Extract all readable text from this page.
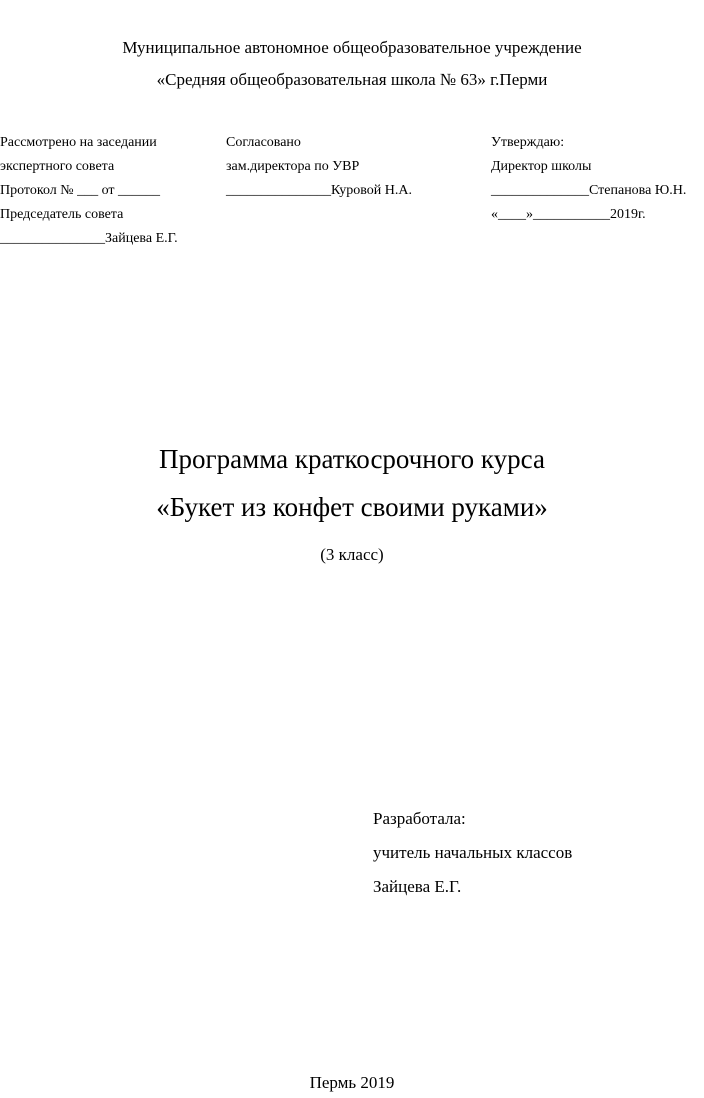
Муниципальное автономное общеобразовательное учреждение
«Средняя общеобразовательная школа № 63» г.Перми
Рассмотрено на заседании
экспертного совета
Протокол № ___ от ______
Председатель совета
_______________Зайцева Е.Г.
Согласовано
зам.директора по УВР
_______________Куровой Н.А.
Утверждаю:
Директор школы
______________Степанова Ю.Н.
«____»___________2019г.
Программа краткосрочного курса
«Букет из конфет своими руками»
(3 класс)
Разработала:
учитель начальных классов
Зайцева Е.Г.
Пермь 2019
